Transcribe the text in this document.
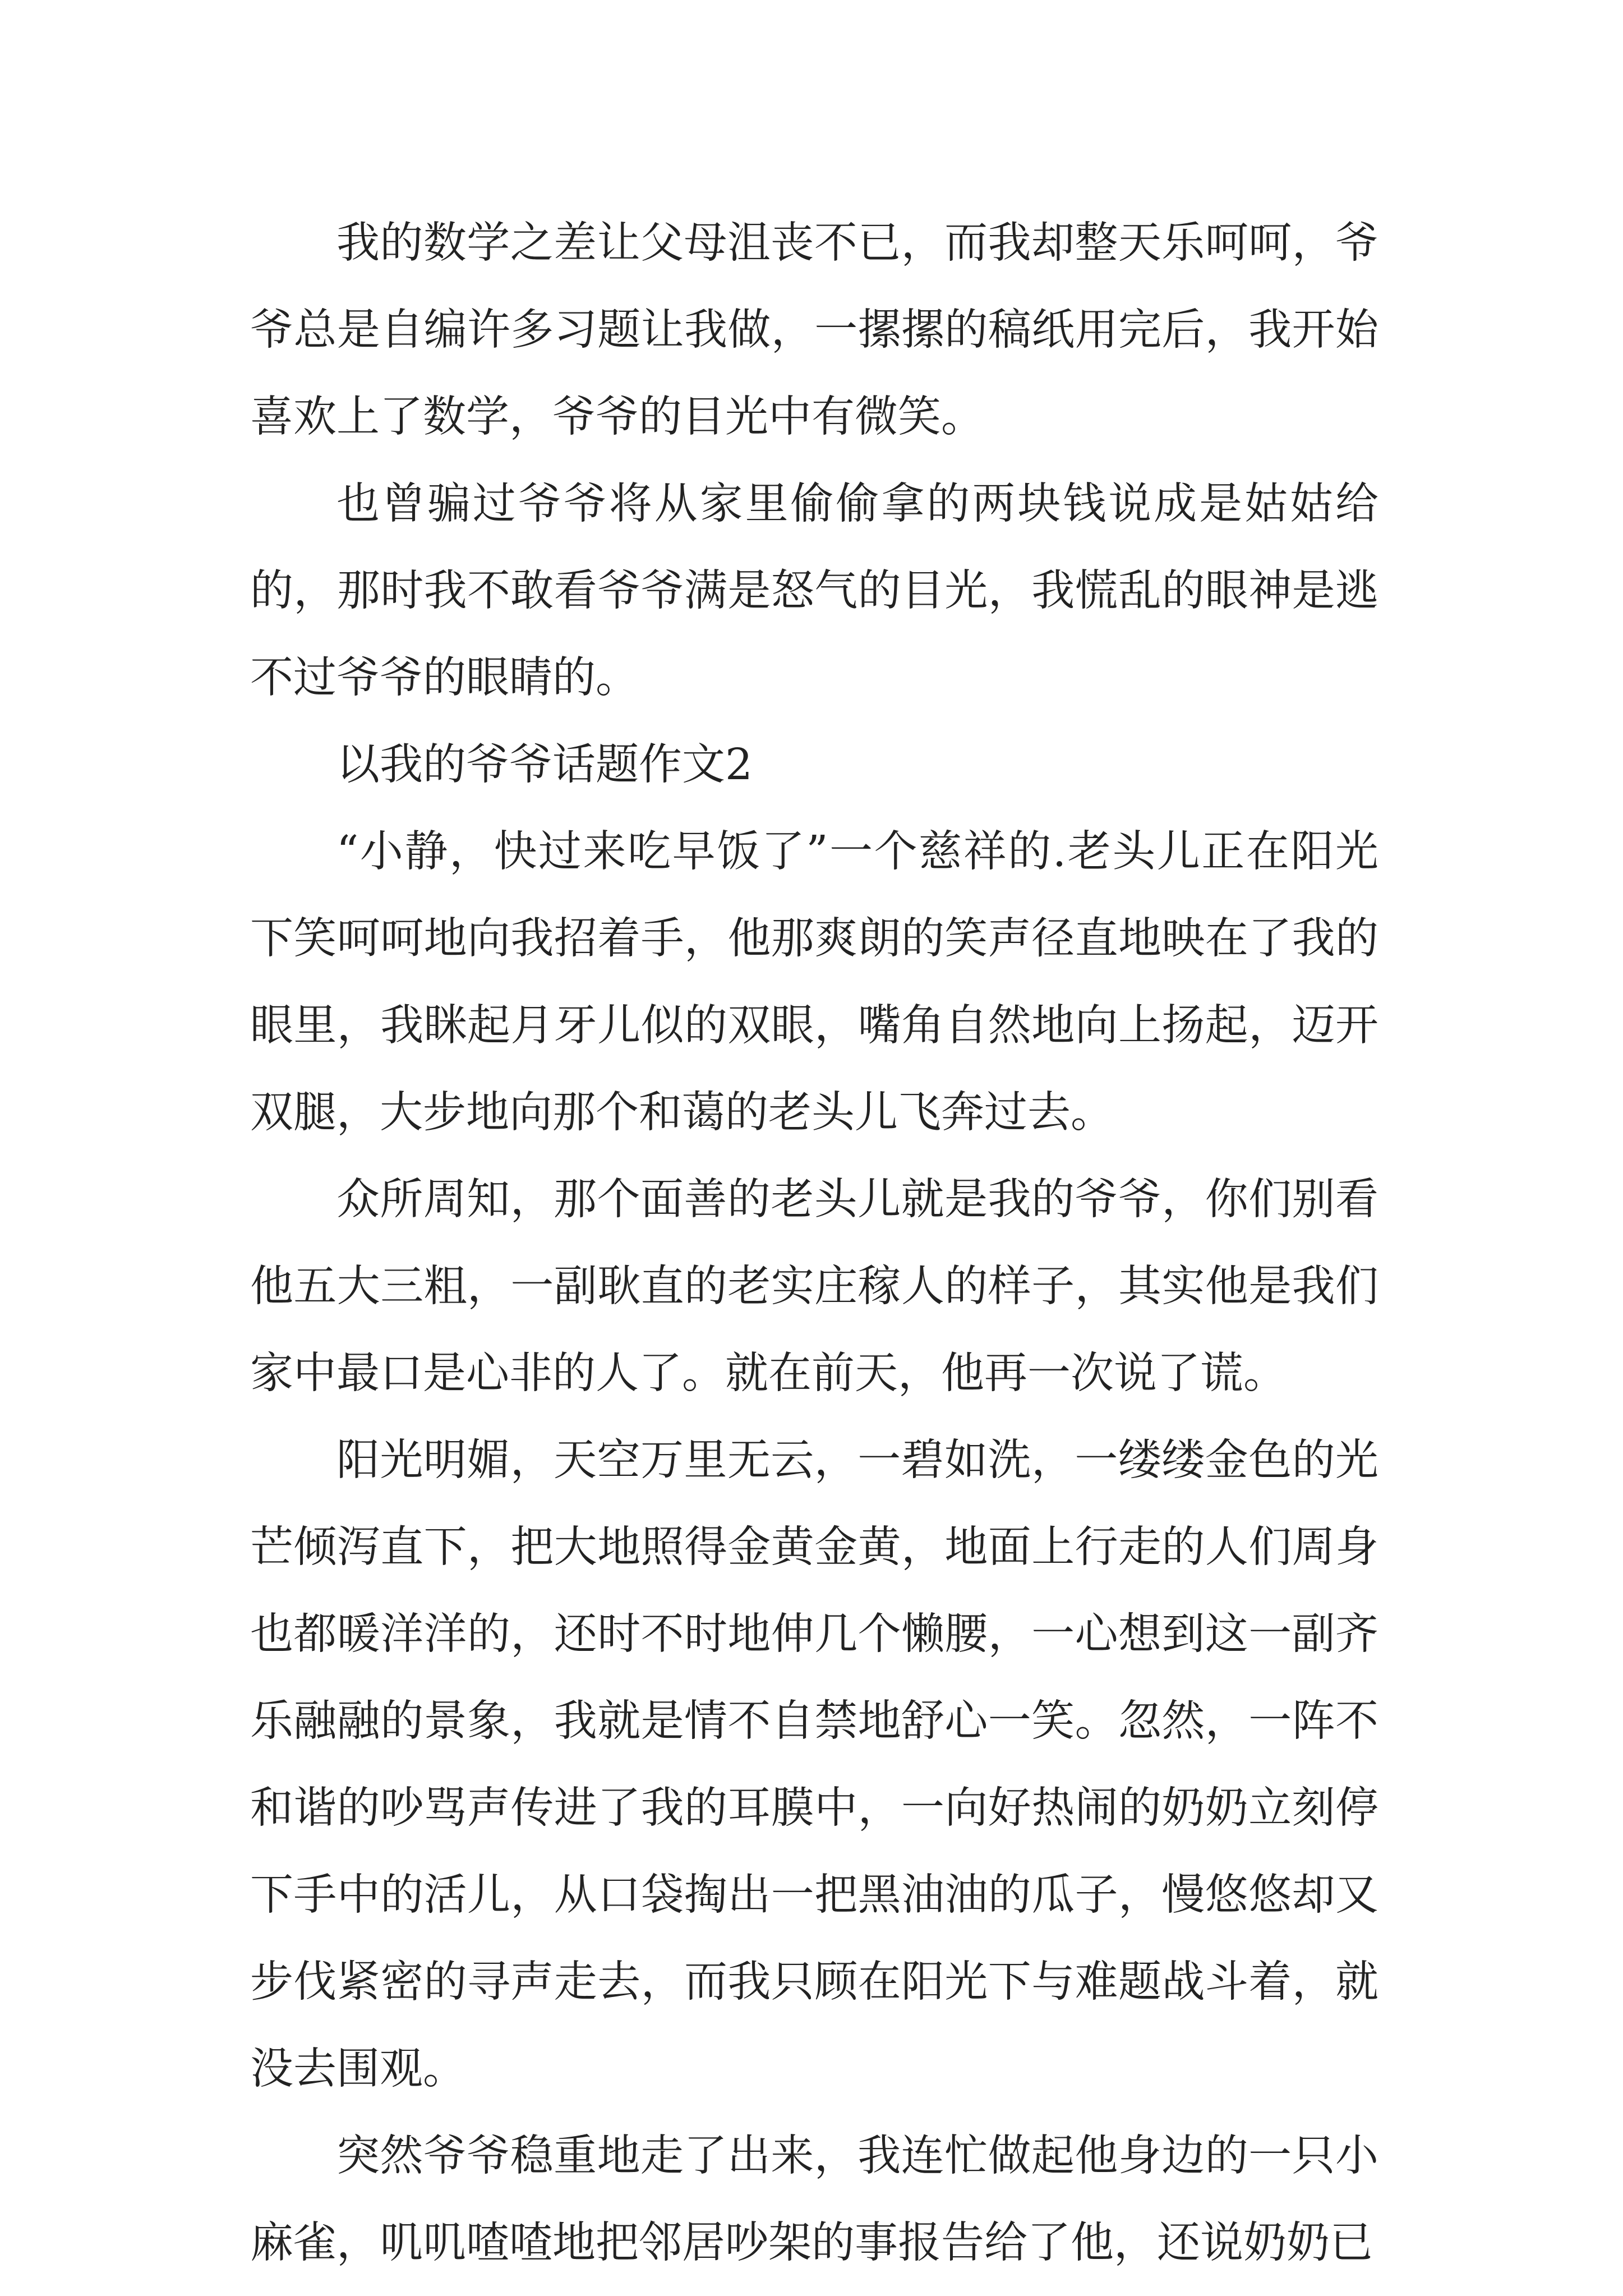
我的数学之差让父母沮丧不已，而我却整天乐呵呵，爷爷总是自编许多习题让我做，一摞摞的稿纸用完后，我开始喜欢上了数学，爷爷的目光中有微笑。

也曾骗过爷爷将从家里偷偷拿的两块钱说成是姑姑给的，那时我不敢看爷爷满是怒气的目光，我慌乱的眼神是逃不过爷爷的眼睛的。

以我的爷爷话题作文2

“小静，快过来吃早饭了”一个慈祥的.老头儿正在阳光下笑呵呵地向我招着手，他那爽朗的笑声径直地映在了我的眼里，我眯起月牙儿似的双眼，嘴角自然地向上扬起，迈开双腿，大步地向那个和蔼的老头儿飞奔过去。

众所周知，那个面善的老头儿就是我的爷爷，你们别看他五大三粗，一副耿直的老实庄稼人的样子，其实他是我们家中最口是心非的人了。就在前天，他再一次说了谎。

阳光明媚，天空万里无云，一碧如洗，一缕缕金色的光芒倾泻直下，把大地照得金黄金黄，地面上行走的人们周身也都暖洋洋的，还时不时地伸几个懒腰，一心想到这一副齐乐融融的景象，我就是情不自禁地舒心一笑。忽然，一阵不和谐的吵骂声传进了我的耳膜中，一向好热闹的奶奶立刻停下手中的活儿，从口袋掏出一把黑油油的瓜子，慢悠悠却又步伐紧密的寻声走去，而我只顾在阳光下与难题战斗着，就没去围观。

突然爷爷稳重地走了出来，我连忙做起他身边的一只小麻雀，叽叽喳喳地把邻居吵架的事报告给了他，还说奶奶已
